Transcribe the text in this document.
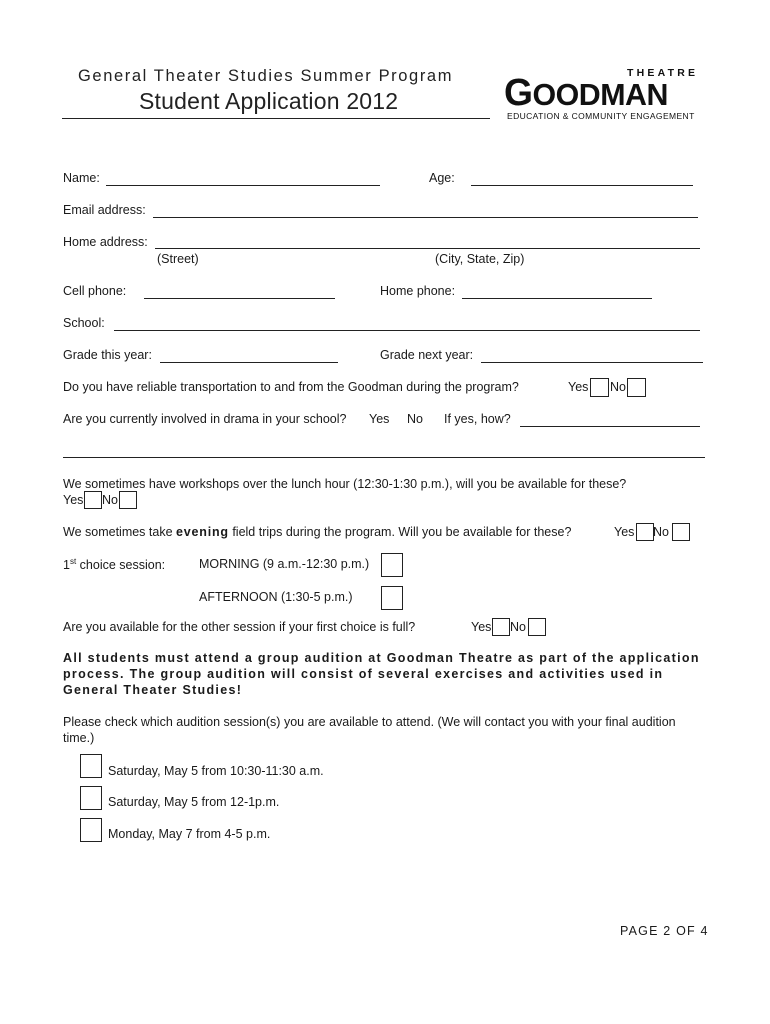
General Theater Studies Summer Program
Student Application 2012
THEATRE
GOODMAN
EDUCATION & COMMUNITY ENGAGEMENT
Name:	Age:
Email address:
Home address:
(Street)	(City, State, Zip)
Cell phone:	Home phone:
School:
Grade this year:	Grade next year:
Do you have reliable transportation to and from the Goodman during the program?	Yes No
Are you currently involved in drama in your school? Yes No If yes, how?
We sometimes have workshops over the lunch hour (12:30-1:30 p.m.), will you be available for these?
Yes No
We sometimes take evening field trips during the program. Will you be available for these?	Yes No
1st choice session:	MORNING (9 a.m.-12:30 p.m.)
AFTERNOON (1:30-5 p.m.)
Are you available for the other session if your first choice is full?	Yes No
All students must attend a group audition at Goodman Theatre as part of the application process. The group audition will consist of several exercises and activities used in General Theater Studies!
Please check which audition session(s) you are available to attend. (We will contact you with your final audition time.)
Saturday, May 5 from 10:30-11:30 a.m.
Saturday, May 5 from 12-1p.m.
Monday, May 7 from 4-5 p.m.
PAGE 2 OF 4
